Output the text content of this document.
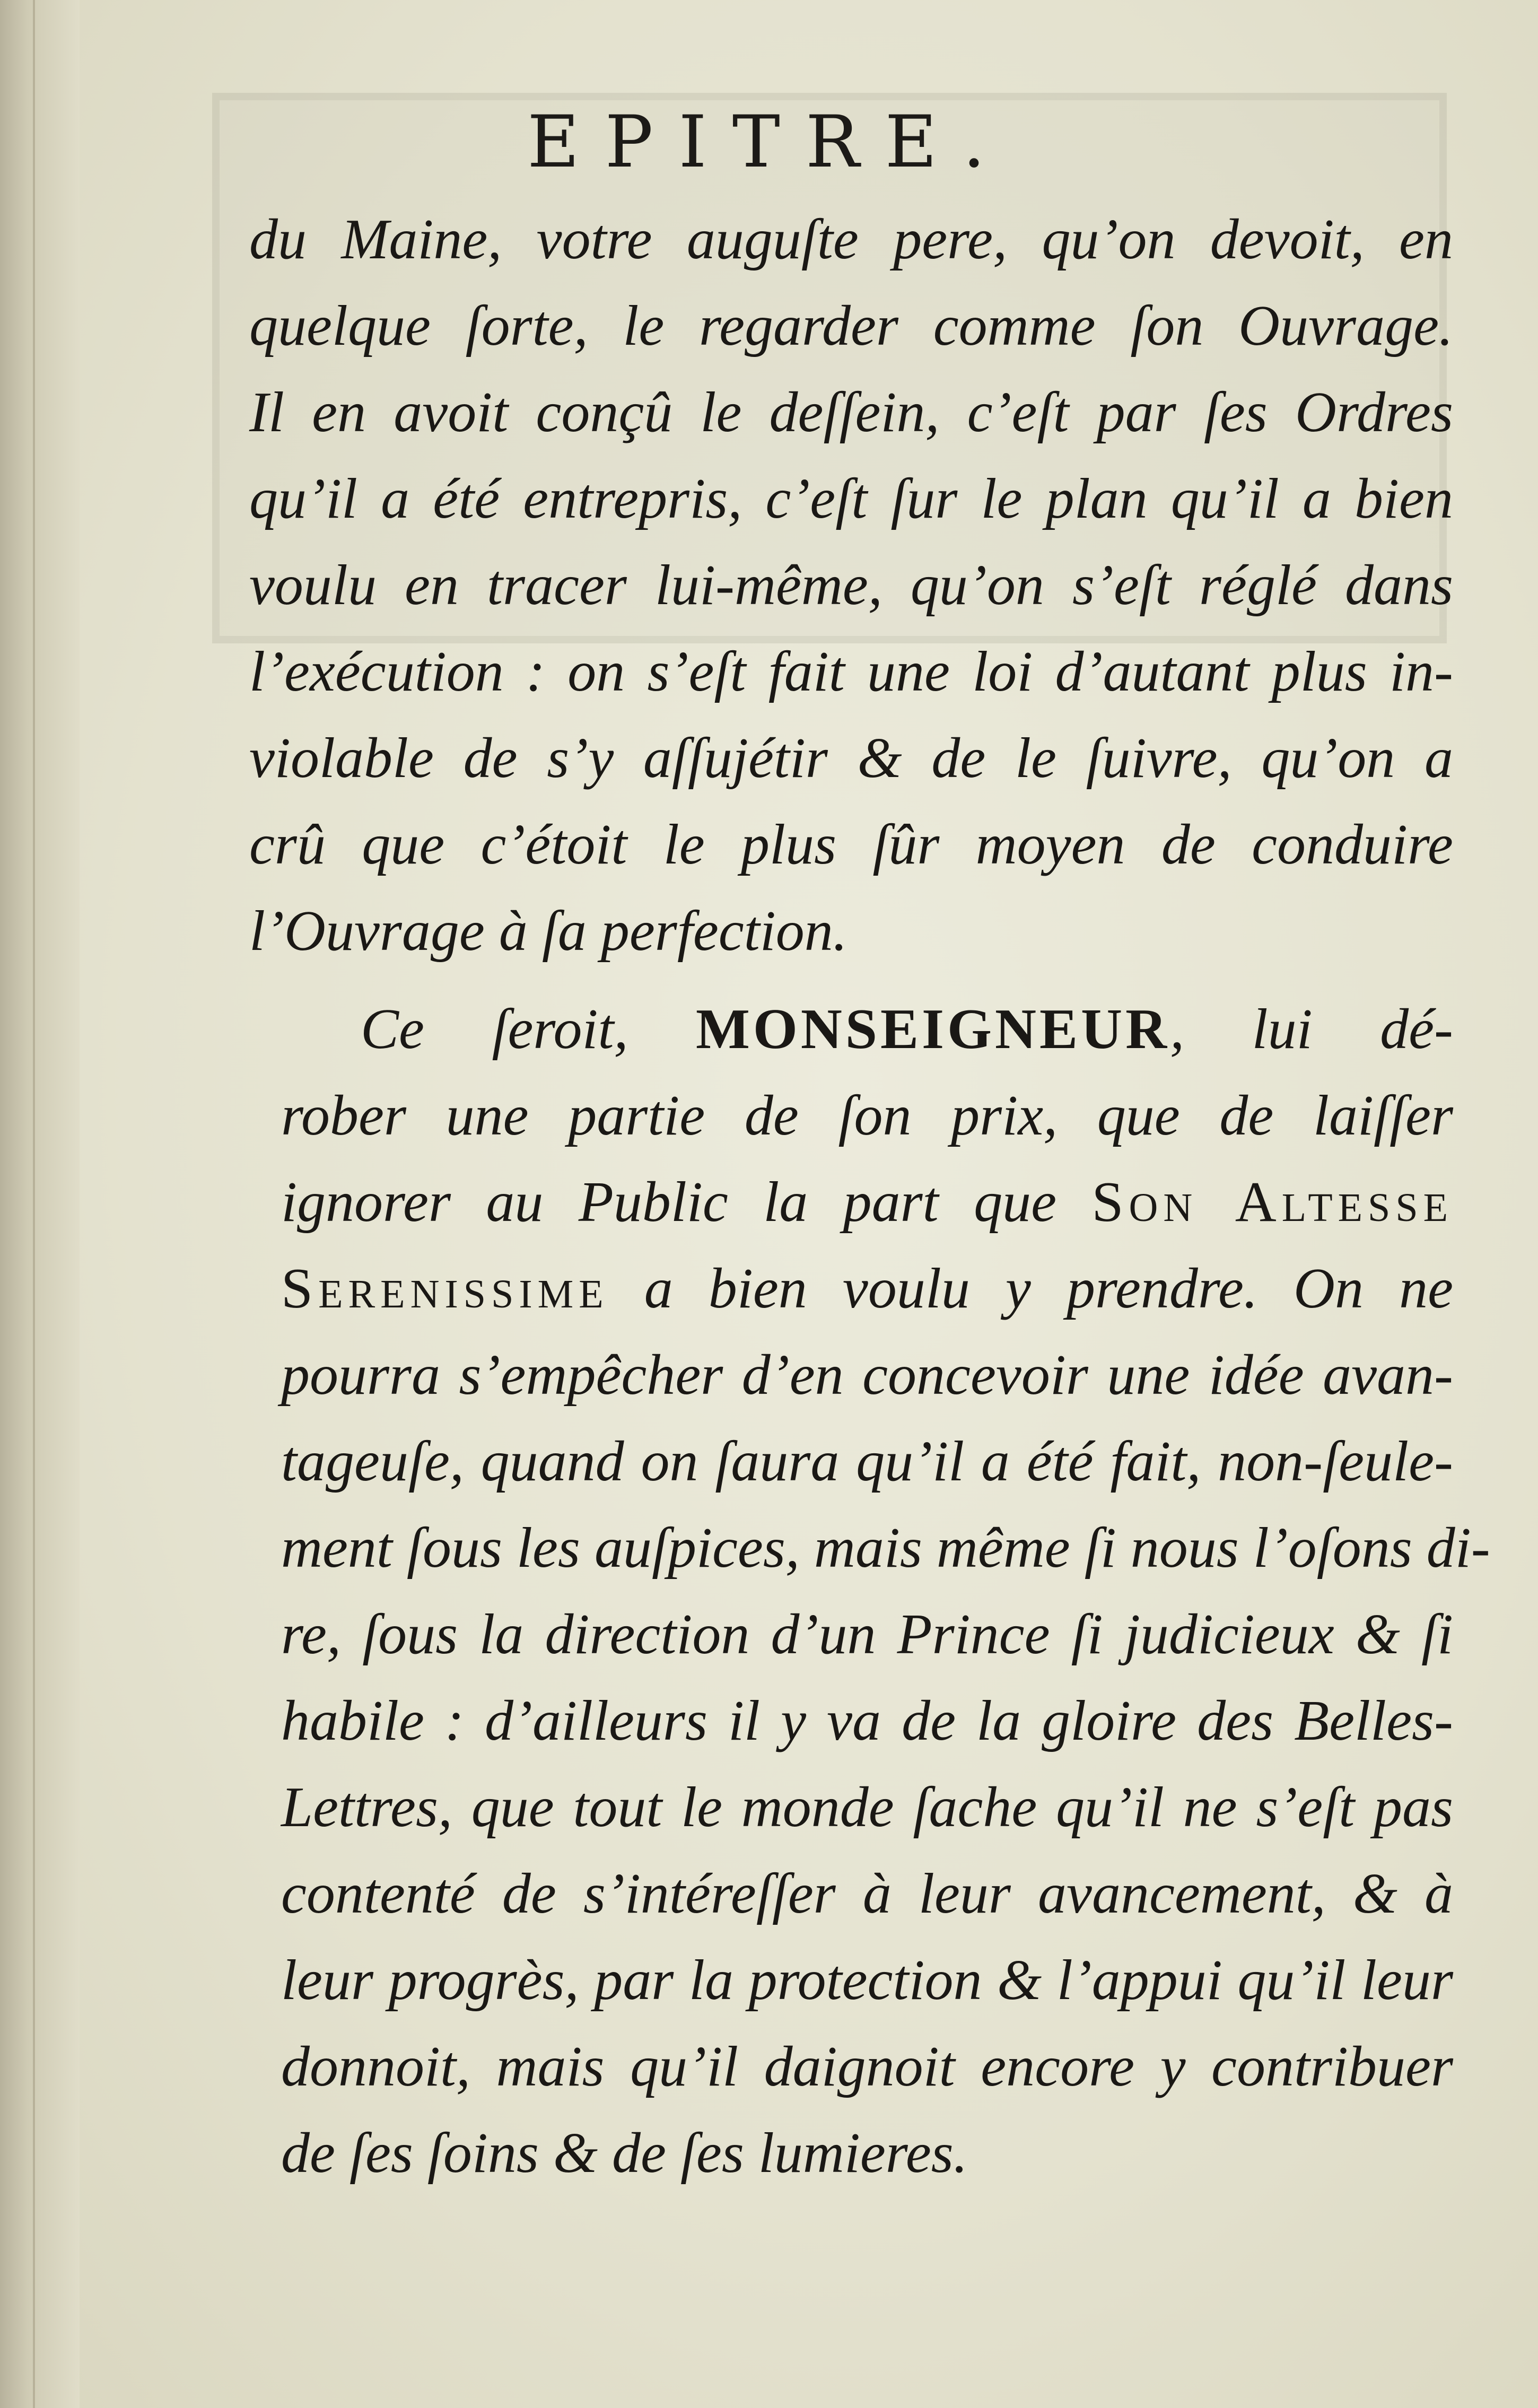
EPITRE.
du Maine, votre auguſte pere, qu’on devoit, en
quelque ſorte, le regarder comme ſon Ouvrage.
Il en avoit conçû le deſſein, c’eſt par ſes Ordres
qu’il a été entrepris, c’eſt ſur le plan qu’il a bien
voulu en tracer lui-même, qu’on s’eſt réglé dans
l’exécution : on s’eſt fait une loi d’autant plus in-
violable de s’y aſſujétir & de le ſuivre, qu’on a
crû que c’étoit le plus ſûr moyen de conduire
l’Ouvrage à ſa perfection.
Ce ſeroit, MONSEIGNEUR, lui dé-
rober une partie de ſon prix, que de laiſſer
ignorer au Public la part que Son Altesse
Serenissime a bien voulu y prendre. On ne
pourra s’empêcher d’en concevoir une idée avan-
tageuſe, quand on ſaura qu’il a été fait, non-ſeule-
ment ſous les auſpices, mais même ſi nous l’oſons di-
re, ſous la direction d’un Prince ſi judicieux & ſi
habile : d’ailleurs il y va de la gloire des Belles-
Lettres, que tout le monde ſache qu’il ne s’eſt pas
contenté de s’intéreſſer à leur avancement, & à
leur progrès, par la protection & l’appui qu’il leur
donnoit, mais qu’il daignoit encore y contribuer
de ſes ſoins & de ſes lumieres.
